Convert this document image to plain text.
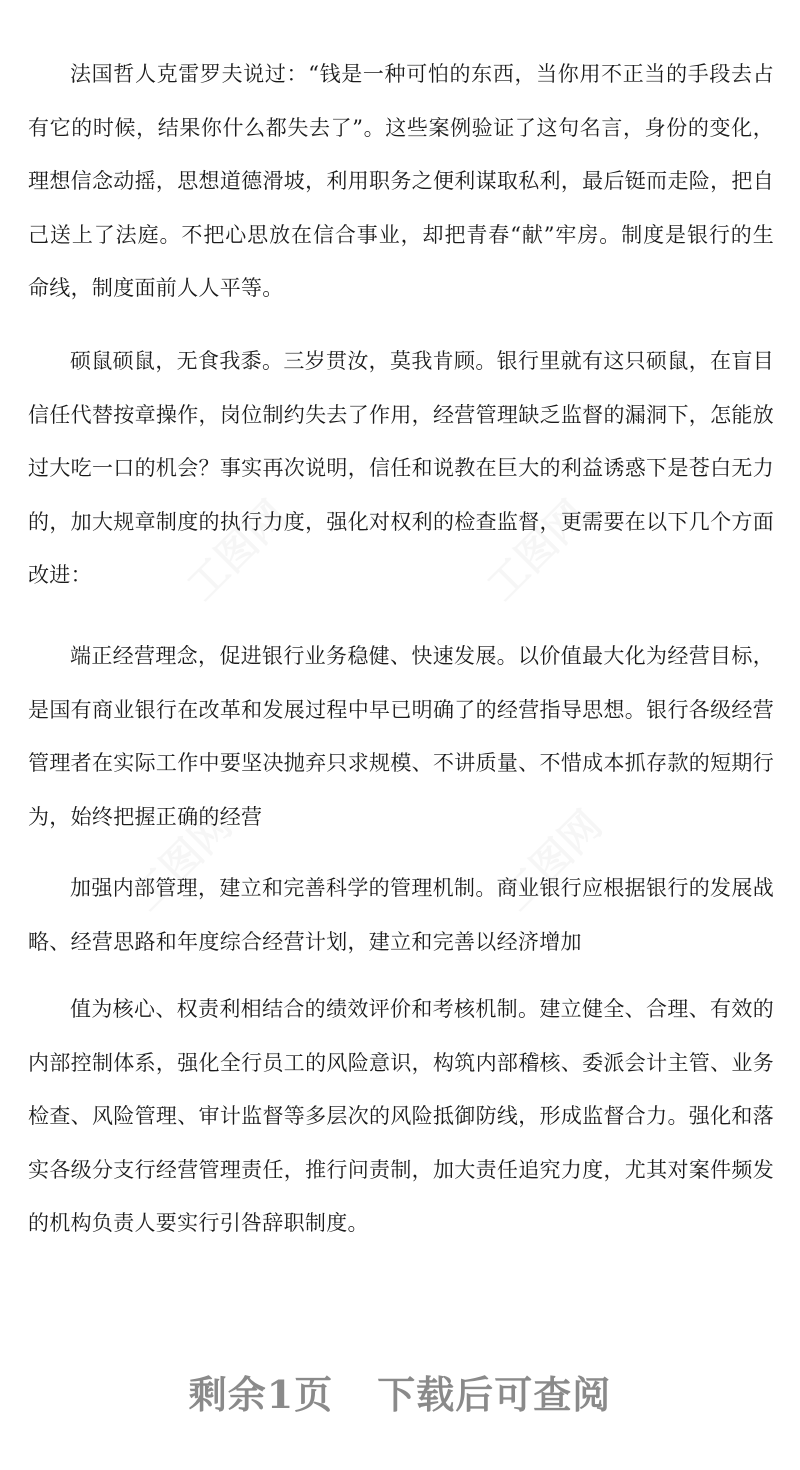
法国哲人克雷罗夫说过：“钱是一种可怕的东西，当你用不正当的手段去占有它的时候，结果你什么都失去了”。这些案例验证了这句名言，身份的变化，理想信念动摇，思想道德滑坡，利用职务之便利谋取私利，最后铤而走险，把自己送上了法庭。不把心思放在信合事业，却把青春“献”牢房。制度是银行的生命线，制度面前人人平等。

硕鼠硕鼠，无食我黍。三岁贯汝，莫我肯顾。银行里就有这只硕鼠，在盲目信任代替按章操作，岗位制约失去了作用，经营管理缺乏监督的漏洞下，怎能放过大吃一口的机会？事实再次说明，信任和说教在巨大的利益诱惑下是苍白无力的，加大规章制度的执行力度，强化对权利的检查监督，更需要在以下几个方面改进：

端正经营理念，促进银行业务稳健、快速发展。以价值最大化为经营目标，是国有商业银行在改革和发展过程中早已明确了的经营指导思想。银行各级经营管理者在实际工作中要坚决抛弃只求规模、不讲质量、不惜成本抓存款的短期行为，始终把握正确的经营

加强内部管理，建立和完善科学的管理机制。商业银行应根据银行的发展战略、经营思路和年度综合经营计划，建立和完善以经济增加

值为核心、权责利相结合的绩效评价和考核机制。建立健全、合理、有效的内部控制体系，强化全行员工的风险意识，构筑内部稽核、委派会计主管、业务检查、风险管理、审计监督等多层次的风险抵御防线，形成监督合力。强化和落实各级分支行经营管理责任，推行问责制，加大责任追究力度，尤其对案件频发的机构负责人要实行引咎辞职制度。

剩余1页 下载后可查阅
